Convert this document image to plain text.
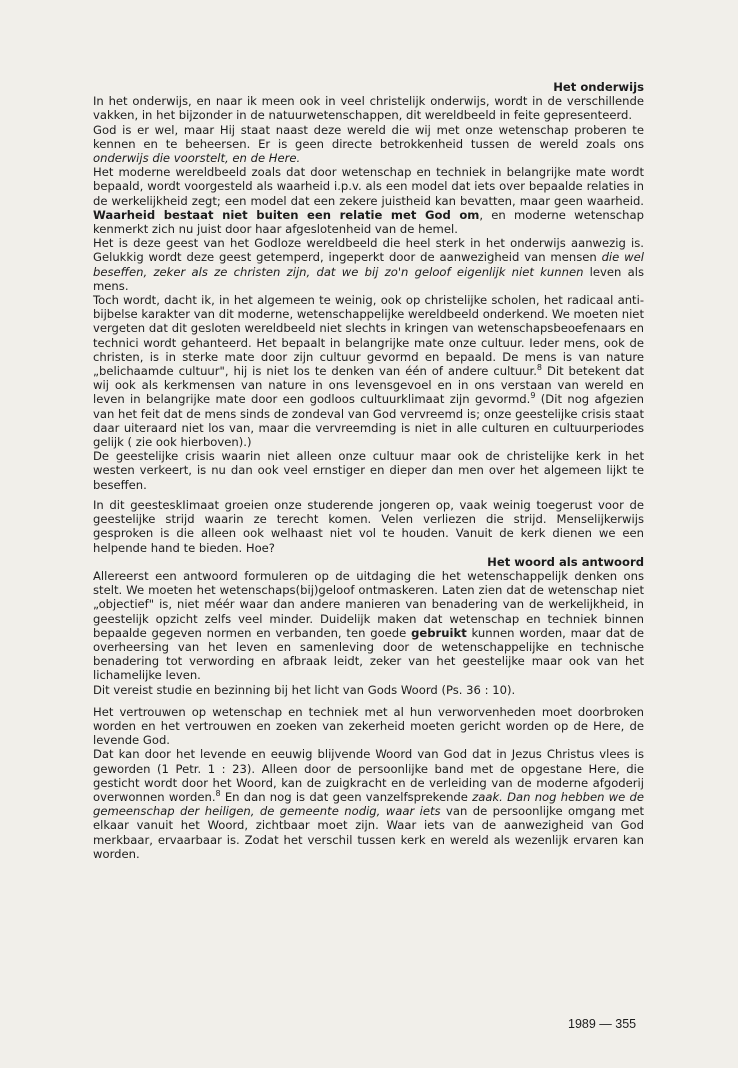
Het onderwijs

In het onderwijs, en naar ik meen ook in veel christelijk onderwijs, wordt in de verschillende vakken, in het bijzonder in de natuurwetenschappen, dit wereldbeeld in feite gepresenteerd.

God is er wel, maar Hij staat naast deze wereld die wij met onze wetenschap proberen te kennen en te beheersen. Er is geen directe betrokkenheid tussen de wereld zoals ons onderwijs die voorstelt, en de Here.

Het moderne wereldbeeld zoals dat door wetenschap en techniek in belangrijke mate wordt bepaald, wordt voorgesteld als waarheid i.p.v. als een model dat iets over bepaalde relaties in de werkelijkheid zegt; een model dat een zekere juistheid kan bevatten, maar geen waarheid. Waarheid bestaat niet buiten een relatie met God om, en moderne wetenschap kenmerkt zich nu juist door haar afgeslotenheid van de hemel.

Het is deze geest van het Godloze wereldbeeld die heel sterk in het onderwijs aanwezig is. Gelukkig wordt deze geest getemperd, ingeperkt door de aanwezigheid van mensen die wel beseffen, zeker als ze christen zijn, dat we bij zo'n geloof eigenlijk niet kunnen leven als mens.

Toch wordt, dacht ik, in het algemeen te weinig, ook op christelijke scholen, het radicaal anti-bijbelse karakter van dit moderne, wetenschappelijke wereldbeeld onderkend. We moeten niet vergeten dat dit gesloten wereldbeeld niet slechts in kringen van wetenschapsbeoefenaars en technici wordt gehanteerd. Het bepaalt in belangrijke mate onze cultuur. Ieder mens, ook de christen, is in sterke mate door zijn cultuur gevormd en bepaald. De mens is van nature „belichaamde cultuur", hij is niet los te denken van één of andere cultuur.$^8$ Dit betekent dat wij ook als kerkmensen van nature in ons levensgevoel en in ons verstaan van wereld en leven in belangrijke mate door een godloos cultuurklimaat zijn gevormd.$^9$ (Dit nog afgezien van het feit dat de mens sinds de zondeval van God vervreemd is; onze geestelijke crisis staat daar uiteraard niet los van, maar die vervreemding is niet in alle culturen en cultuurperiodes gelijk ( zie ook hierboven).)

De geestelijke crisis waarin niet alleen onze cultuur maar ook de christelijke kerk in het westen verkeert, is nu dan ook veel ernstiger en dieper dan men over het algemeen lijkt te beseffen.

In dit geesteskIimaat groeien onze studerende jongeren op, vaak weinig toegerust voor de geestelijke strijd waarin ze terecht komen. Velen verliezen die strijd. Menselijkerwijs gesproken is die alleen ook welhaast niet vol te houden. Vanuit de kerk dienen we een helpende hand te bieden. Hoe?

Het woord als antwoord

Allereerst een antwoord formuleren op de uitdaging die het wetenschappelijk denken ons stelt. We moeten het wetenschaps(bij)geloof ontmaskeren. Laten zien dat de wetenschap niet „objectief" is, niet méér waar dan andere manieren van benadering van de werkelijkheid, in geestelijk opzicht zelfs veel minder. Duidelijk maken dat wetenschap en techniek binnen bepaalde gegeven normen en verbanden, ten goede gebruikt kunnen worden, maar dat de overheersing van het leven en samenleving door de wetenschappelijke en technische benadering tot verwording en afbraak leidt, zeker van het geestelijke maar ook van het lichamelijke leven.

Dit vereist studie en bezinning bij het licht van Gods Woord (Ps. 36 : 10).

Het vertrouwen op wetenschap en techniek met al hun verworvenheden moet doorbroken worden en het vertrouwen en zoeken van zekerheid moeten gericht worden op de Here, de levende God.

Dat kan door het levende en eeuwig blijvende Woord van God dat in Jezus Christus vlees is geworden (1 Petr. 1 : 23). Alleen door de persoonlijke band met de opgestane Here, die gesticht wordt door het Woord, kan de zuigkracht en de verleiding van de moderne afgoderij overwonnen worden.$^8$ En dan nog is dat geen vanzelfsprekende zaak. Dan nog hebben we de gemeenschap der heiligen, de gemeente nodig, waar iets van de persoonlijke omgang met elkaar vanuit het Woord, zichtbaar moet zijn. Waar iets van de aanwezigheid van God merkbaar, ervaarbaar is. Zodat het verschil tussen kerk en wereld als wezenlijk ervaren kan worden.

1989 — 355
